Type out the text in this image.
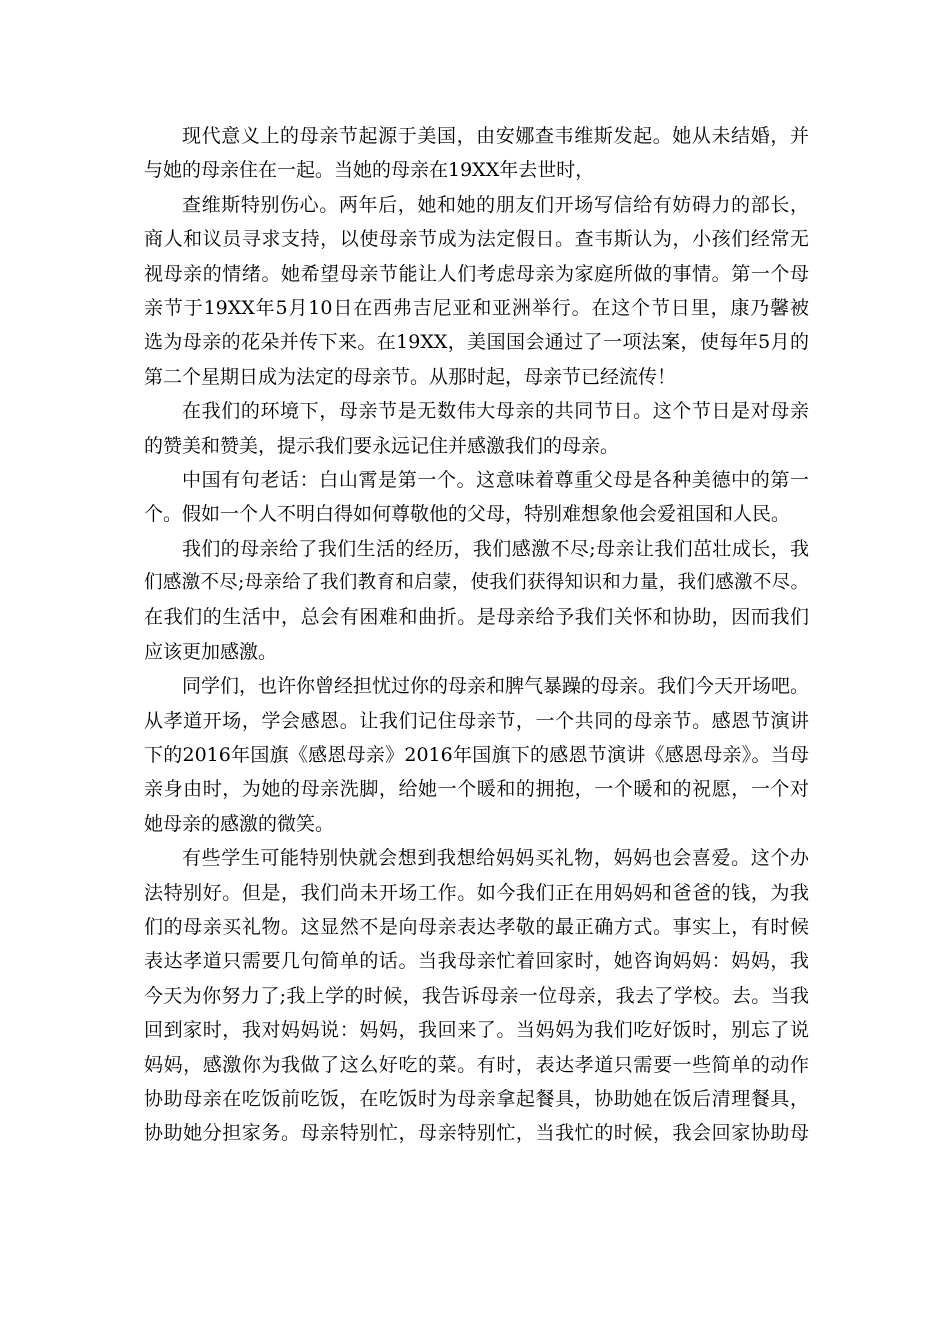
现代意义上的母亲节起源于美国，由安娜查韦维斯发起。她从未结婚，并
与她的母亲住在一起。当她的母亲在19XX年去世时，
查维斯特别伤心。两年后，她和她的朋友们开场写信给有妨碍力的部长，
商人和议员寻求支持，以使母亲节成为法定假日。查韦斯认为，小孩们经常无
视母亲的情绪。她希望母亲节能让人们考虑母亲为家庭所做的事情。第一个母
亲节于19XX年5月10日在西弗吉尼亚和亚洲举行。在这个节日里，康乃馨被
选为母亲的花朵并传下来。在19XX，美国国会通过了一项法案，使每年5月的
第二个星期日成为法定的母亲节。从那时起，母亲节已经流传！
在我们的环境下，母亲节是无数伟大母亲的共同节日。这个节日是对母亲
的赞美和赞美，提示我们要永远记住并感激我们的母亲。
中国有句老话：白山霄是第一个。这意味着尊重父母是各种美德中的第一
个。假如一个人不明白得如何尊敬他的父母，特别难想象他会爱祖国和人民。
我们的母亲给了我们生活的经历，我们感激不尽;母亲让我们茁壮成长，我
们感激不尽;母亲给了我们教育和启蒙，使我们获得知识和力量，我们感激不尽。
在我们的生活中，总会有困难和曲折。是母亲给予我们关怀和协助，因而我们
应该更加感激。
同学们，也许你曾经担忧过你的母亲和脾气暴躁的母亲。我们今天开场吧。
从孝道开场，学会感恩。让我们记住母亲节，一个共同的母亲节。感恩节演讲
下的2016年国旗《感恩母亲》2016年国旗下的感恩节演讲《感恩母亲》。当母
亲身由时，为她的母亲洗脚，给她一个暖和的拥抱，一个暖和的祝愿，一个对
她母亲的感激的微笑。
有些学生可能特别快就会想到我想给妈妈买礼物，妈妈也会喜爱。这个办
法特别好。但是，我们尚未开场工作。如今我们正在用妈妈和爸爸的钱，为我
们的母亲买礼物。这显然不是向母亲表达孝敬的最正确方式。事实上，有时候
表达孝道只需要几句简单的话。当我母亲忙着回家时，她咨询妈妈：妈妈，我
今天为你努力了;我上学的时候，我告诉母亲一位母亲，我去了学校。去。当我
回到家时，我对妈妈说：妈妈，我回来了。当妈妈为我们吃好饭时，别忘了说
妈妈，感激你为我做了这么好吃的菜。有时，表达孝道只需要一些简单的动作
协助母亲在吃饭前吃饭，在吃饭时为母亲拿起餐具，协助她在饭后清理餐具，
协助她分担家务。母亲特别忙，母亲特别忙，当我忙的时候，我会回家协助母
